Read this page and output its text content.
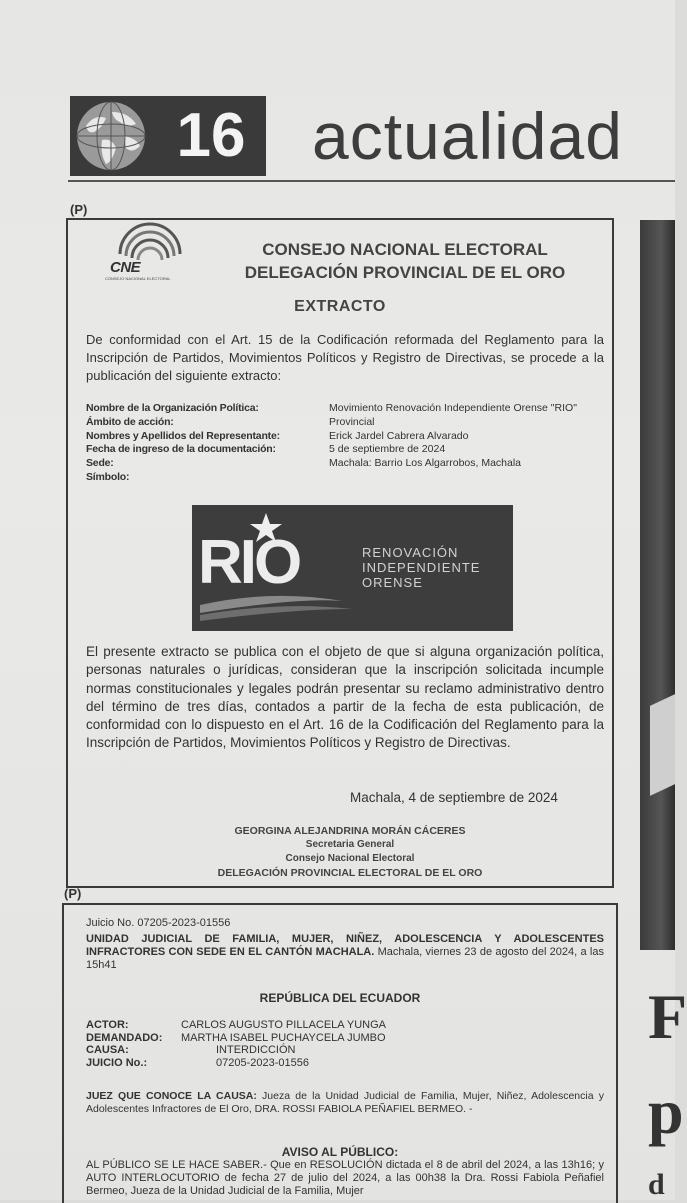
F
p
d
16 actualidad
(P)
CNE
CONSEJO NACIONAL ELECTORAL
CONSEJO NACIONAL ELECTORAL
DELEGACIÓN PROVINCIAL DE EL ORO
EXTRACTO
De conformidad con el Art. 15 de la Codificación reformada del Reglamento para la Inscripción de Partidos, Movimientos Políticos y Registro de Directivas, se procede a la publicación del siguiente extracto:
Nombre de la Organización Política:	Movimiento Renovación Independiente Orense "RIO"
Ámbito de acción:	Provincial
Nombres y Apellidos del Representante:	Erick Jardel Cabrera Alvarado
Fecha de ingreso de la documentación:	5 de septiembre de 2024
Sede:	Machala: Barrio Los Algarrobos, Machala
Símbolo:
RIO	RENOVACIÓN
INDEPENDIENTE
ORENSE
El presente extracto se publica con el objeto de que si alguna organización política, personas naturales o jurídicas, consideran que la inscripción solicitada incumple normas constitucionales y legales podrán presentar su reclamo administrativo dentro del término de tres días, contados a partir de la fecha de esta publicación, de conformidad con lo dispuesto en el Art. 16 de la Codificación del Reglamento para la Inscripción de Partidos, Movimientos Políticos y Registro de Directivas.
Machala, 4 de septiembre de 2024
GEORGINA ALEJANDRINA MORÁN CÁCERES
Secretaria General
Consejo Nacional Electoral
DELEGACIÓN PROVINCIAL ELECTORAL DE EL ORO
(P)
Juicio No. 07205-2023-01556
UNIDAD JUDICIAL DE FAMILIA, MUJER, NIÑEZ, ADOLESCENCIA Y ADOLESCENTES INFRACTORES CON SEDE EN EL CANTÓN MACHALA. Machala, viernes 23 de agosto del 2024, a las 15h41
REPÚBLICA DEL ECUADOR
ACTOR:	CARLOS AUGUSTO PILLACELA YUNGA
DEMANDADO:	MARTHA ISABEL PUCHAYCELA JUMBO
CAUSA:	INTERDICCIÓN
JUICIO No.:	07205-2023-01556
JUEZ QUE CONOCE LA CAUSA: Jueza de la Unidad Judicial de Familia, Mujer, Niñez, Adolescencia y Adolescentes Infractores de El Oro, DRA. ROSSI FABIOLA PEÑAFIEL BERMEO. -
AVISO AL PÚBLICO:
AL PÚBLICO SE LE HACE SABER.- Que en RESOLUCIÓN dictada el 8 de abril del 2024, a las 13h16; y AUTO INTERLOCUTORIO de fecha 27 de julio del 2024, a las 00h38 la Dra. Rossi Fabiola Peñafiel Bermeo, Jueza de la Unidad Judicial de la Familia, Mujer
